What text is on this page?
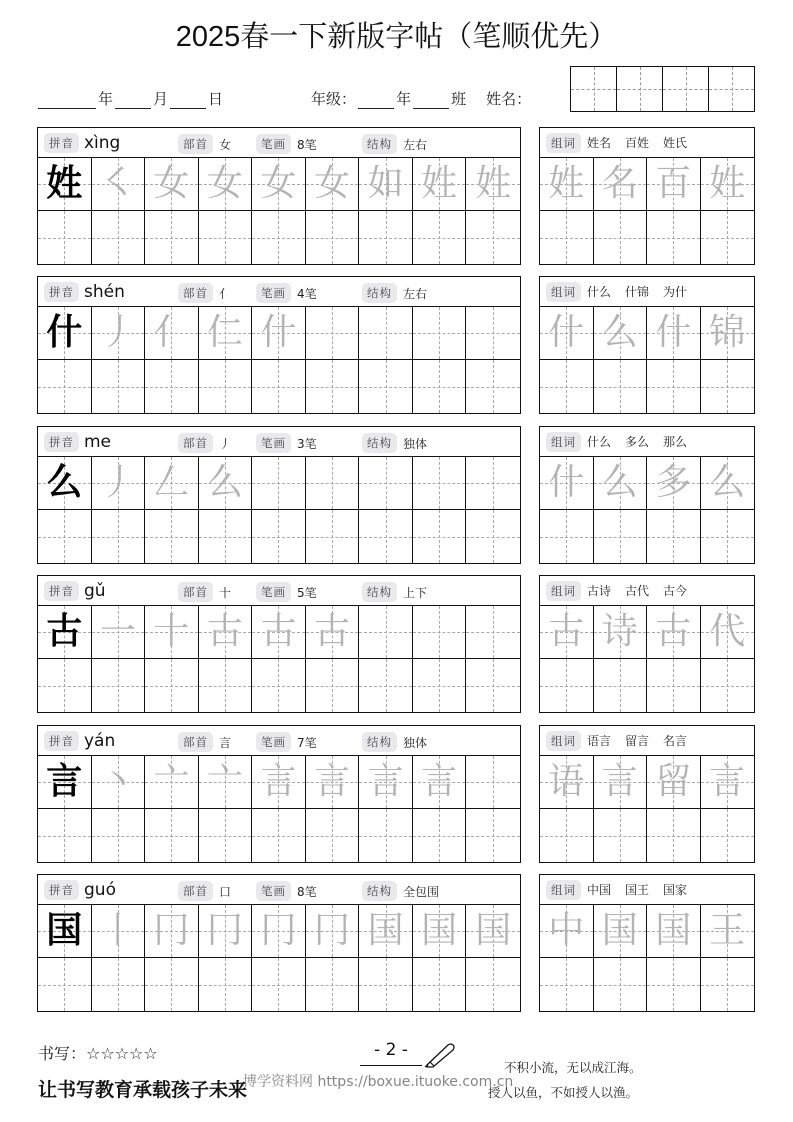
2025春一下新版字帖（笔顺优先）
年	月	日	年级：	年	班 姓名：
拼音 xìng	部首 女	笔画 8笔	结构 左右
姓 ㇛ 女 女 女 女 如 姓 姓
组词 姓名 百姓 姓氏
姓 名 百 姓
拼音 shén	部首 亻	笔画 4笔	结构 左右
什 丿 亻 仁 什
组词 什么 什锦 为什
什 么 什 锦
拼音 me	部首 丿	笔画 3笔	结构 独体
么 丿 𠃋 么
组词 什么 多么 那么
什 么 多 么
拼音 gǔ	部首 十	笔画 5笔	结构 上下
古 一 十 古 古 古
组词 古诗 古代 古今
古 诗 古 代
拼音 yán	部首 言	笔画 7笔	结构 独体
言 丶 亠 亠 言 言 言 言
组词 语言 留言 名言
语 言 留 言
拼音 guó	部首 口	笔画 8笔	结构 全包围
国 丨 冂 冂 冂 冂 国 国 国
组词 中国 国王 国家
中 国 国 王
书写：☆☆☆☆☆	- 2 -
让书写教育承载孩子未来
博学资料网 https://boxue.ituoke.com.cn
不积小流，无以成江海。
授人以鱼，不如授人以渔。
